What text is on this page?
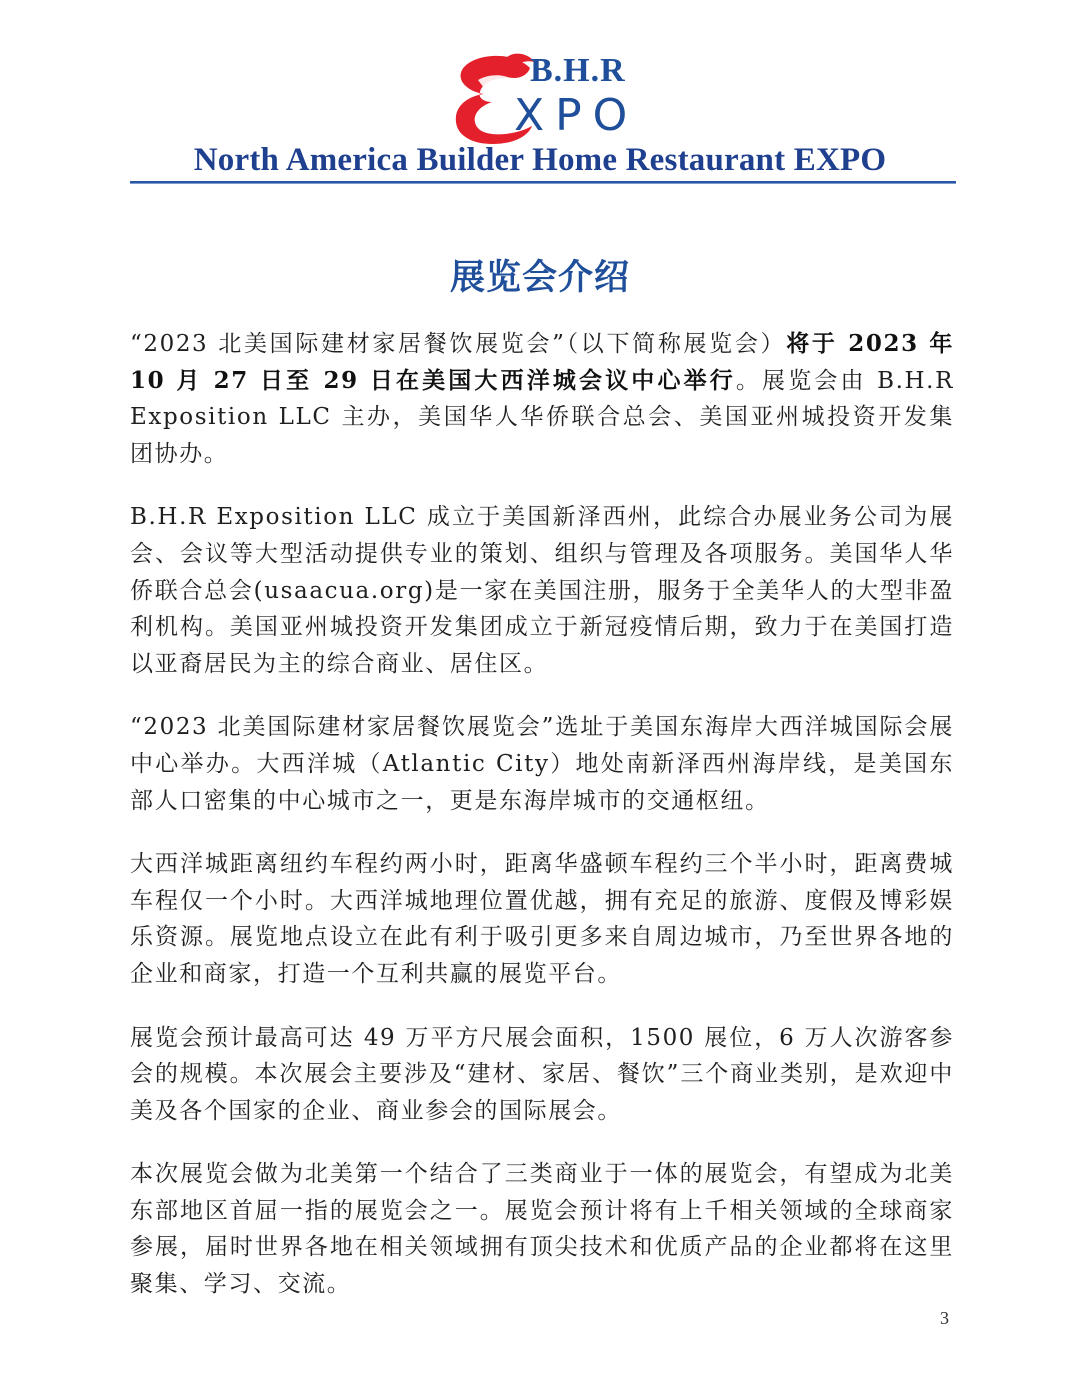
B.H.R
XPO
North America Builder Home Restaurant EXPO
展览会介绍

“2023 北美国际建材家居餐饮展览会”（以下简称展览会）将于 2023 年 10 月 27 日至 29 日在美国大西洋城会议中心举行。展览会由 B.H.R Exposition LLC 主办，美国华人华侨联合总会、美国亚州城投资开发集团协办。

B.H.R Exposition LLC 成立于美国新泽西州，此综合办展业务公司为展会、会议等大型活动提供专业的策划、组织与管理及各项服务。美国华人华侨联合总会(usaacua.org)是一家在美国注册，服务于全美华人的大型非盈利机构。美国亚州城投资开发集团成立于新冠疫情后期，致力于在美国打造以亚裔居民为主的综合商业、居住区。

“2023 北美国际建材家居餐饮展览会”选址于美国东海岸大西洋城国际会展中心举办。大西洋城（Atlantic City）地处南新泽西州海岸线，是美国东部人口密集的中心城市之一，更是东海岸城市的交通枢纽。

大西洋城距离纽约车程约两小时，距离华盛顿车程约三个半小时，距离费城车程仅一个小时。大西洋城地理位置优越，拥有充足的旅游、度假及博彩娱乐资源。展览地点设立在此有利于吸引更多来自周边城市，乃至世界各地的企业和商家，打造一个互利共赢的展览平台。

展览会预计最高可达 49 万平方尺展会面积，1500 展位，6 万人次游客参会的规模。本次展会主要涉及“建材、家居、餐饮”三个商业类别，是欢迎中美及各个国家的企业、商业参会的国际展会。

本次展览会做为北美第一个结合了三类商业于一体的展览会，有望成为北美东部地区首屈一指的展览会之一。展览会预计将有上千相关领域的全球商家参展，届时世界各地在相关领域拥有顶尖技术和优质产品的企业都将在这里聚集、学习、交流。

3
